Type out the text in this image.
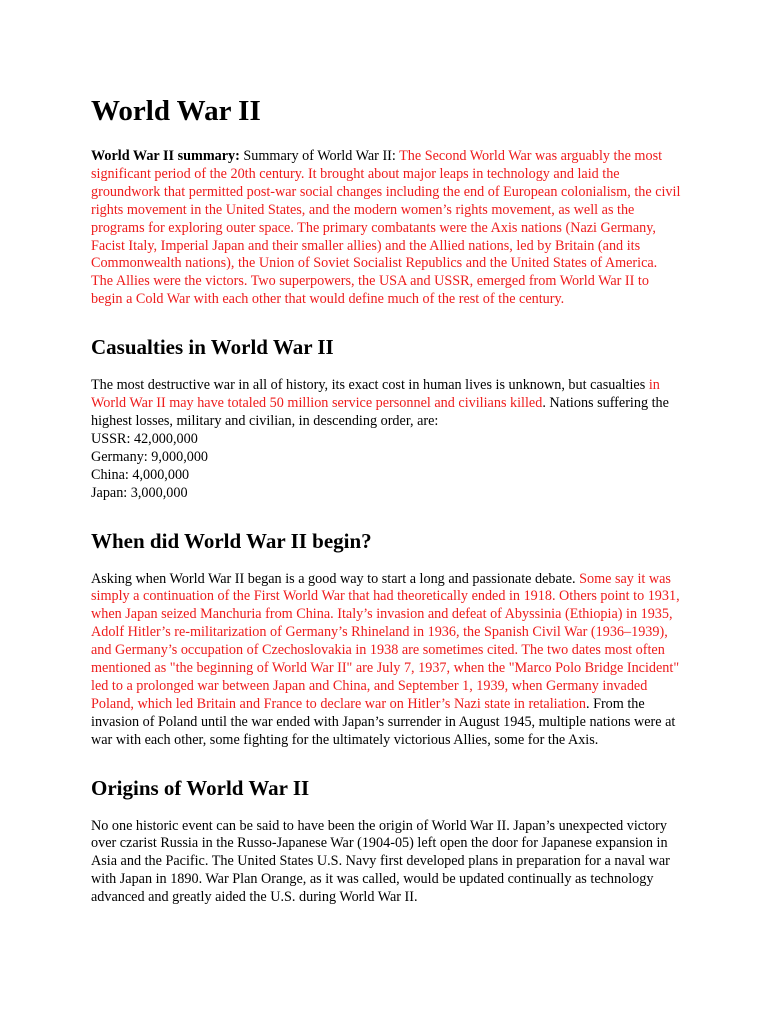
World War II

World War II summary: Summary of World War II: The Second World War was arguably the most significant period of the 20th century. It brought about major leaps in technology and laid the groundwork that permitted post-war social changes including the end of European colonialism, the civil rights movement in the United States, and the modern women’s rights movement, as well as the programs for exploring outer space. The primary combatants were the Axis nations (Nazi Germany, Facist Italy, Imperial Japan and their smaller allies) and the Allied nations, led by Britain (and its Commonwealth nations), the Union of Soviet Socialist Republics and the United States of America. The Allies were the victors. Two superpowers, the USA and USSR, emerged from World War II to begin a Cold War with each other that would define much of the rest of the century.

Casualties in World War II

The most destructive war in all of history, its exact cost in human lives is unknown, but casualties in World War II may have totaled 50 million service personnel and civilians killed. Nations suffering the highest losses, military and civilian, in descending order, are:
USSR: 42,000,000
Germany: 9,000,000
China: 4,000,000
Japan: 3,000,000

When did World War II begin?

Asking when World War II began is a good way to start a long and passionate debate. Some say it was simply a continuation of the First World War that had theoretically ended in 1918. Others point to 1931, when Japan seized Manchuria from China. Italy’s invasion and defeat of Abyssinia (Ethiopia) in 1935, Adolf Hitler’s re-militarization of Germany’s Rhineland in 1936, the Spanish Civil War (1936–1939), and Germany’s occupation of Czechoslovakia in 1938 are sometimes cited. The two dates most often mentioned as "the beginning of World War II" are July 7, 1937, when the "Marco Polo Bridge Incident" led to a prolonged war between Japan and China, and September 1, 1939, when Germany invaded Poland, which led Britain and France to declare war on Hitler’s Nazi state in retaliation. From the invasion of Poland until the war ended with Japan’s surrender in August 1945, multiple nations were at war with each other, some fighting for the ultimately victorious Allies, some for the Axis.

Origins of World War II

No one historic event can be said to have been the origin of World War II. Japan’s unexpected victory over czarist Russia in the Russo-Japanese War (1904-05) left open the door for Japanese expansion in Asia and the Pacific. The United States U.S. Navy first developed plans in preparation for a naval war with Japan in 1890. War Plan Orange, as it was called, would be updated continually as technology advanced and greatly aided the U.S. during World War II.
